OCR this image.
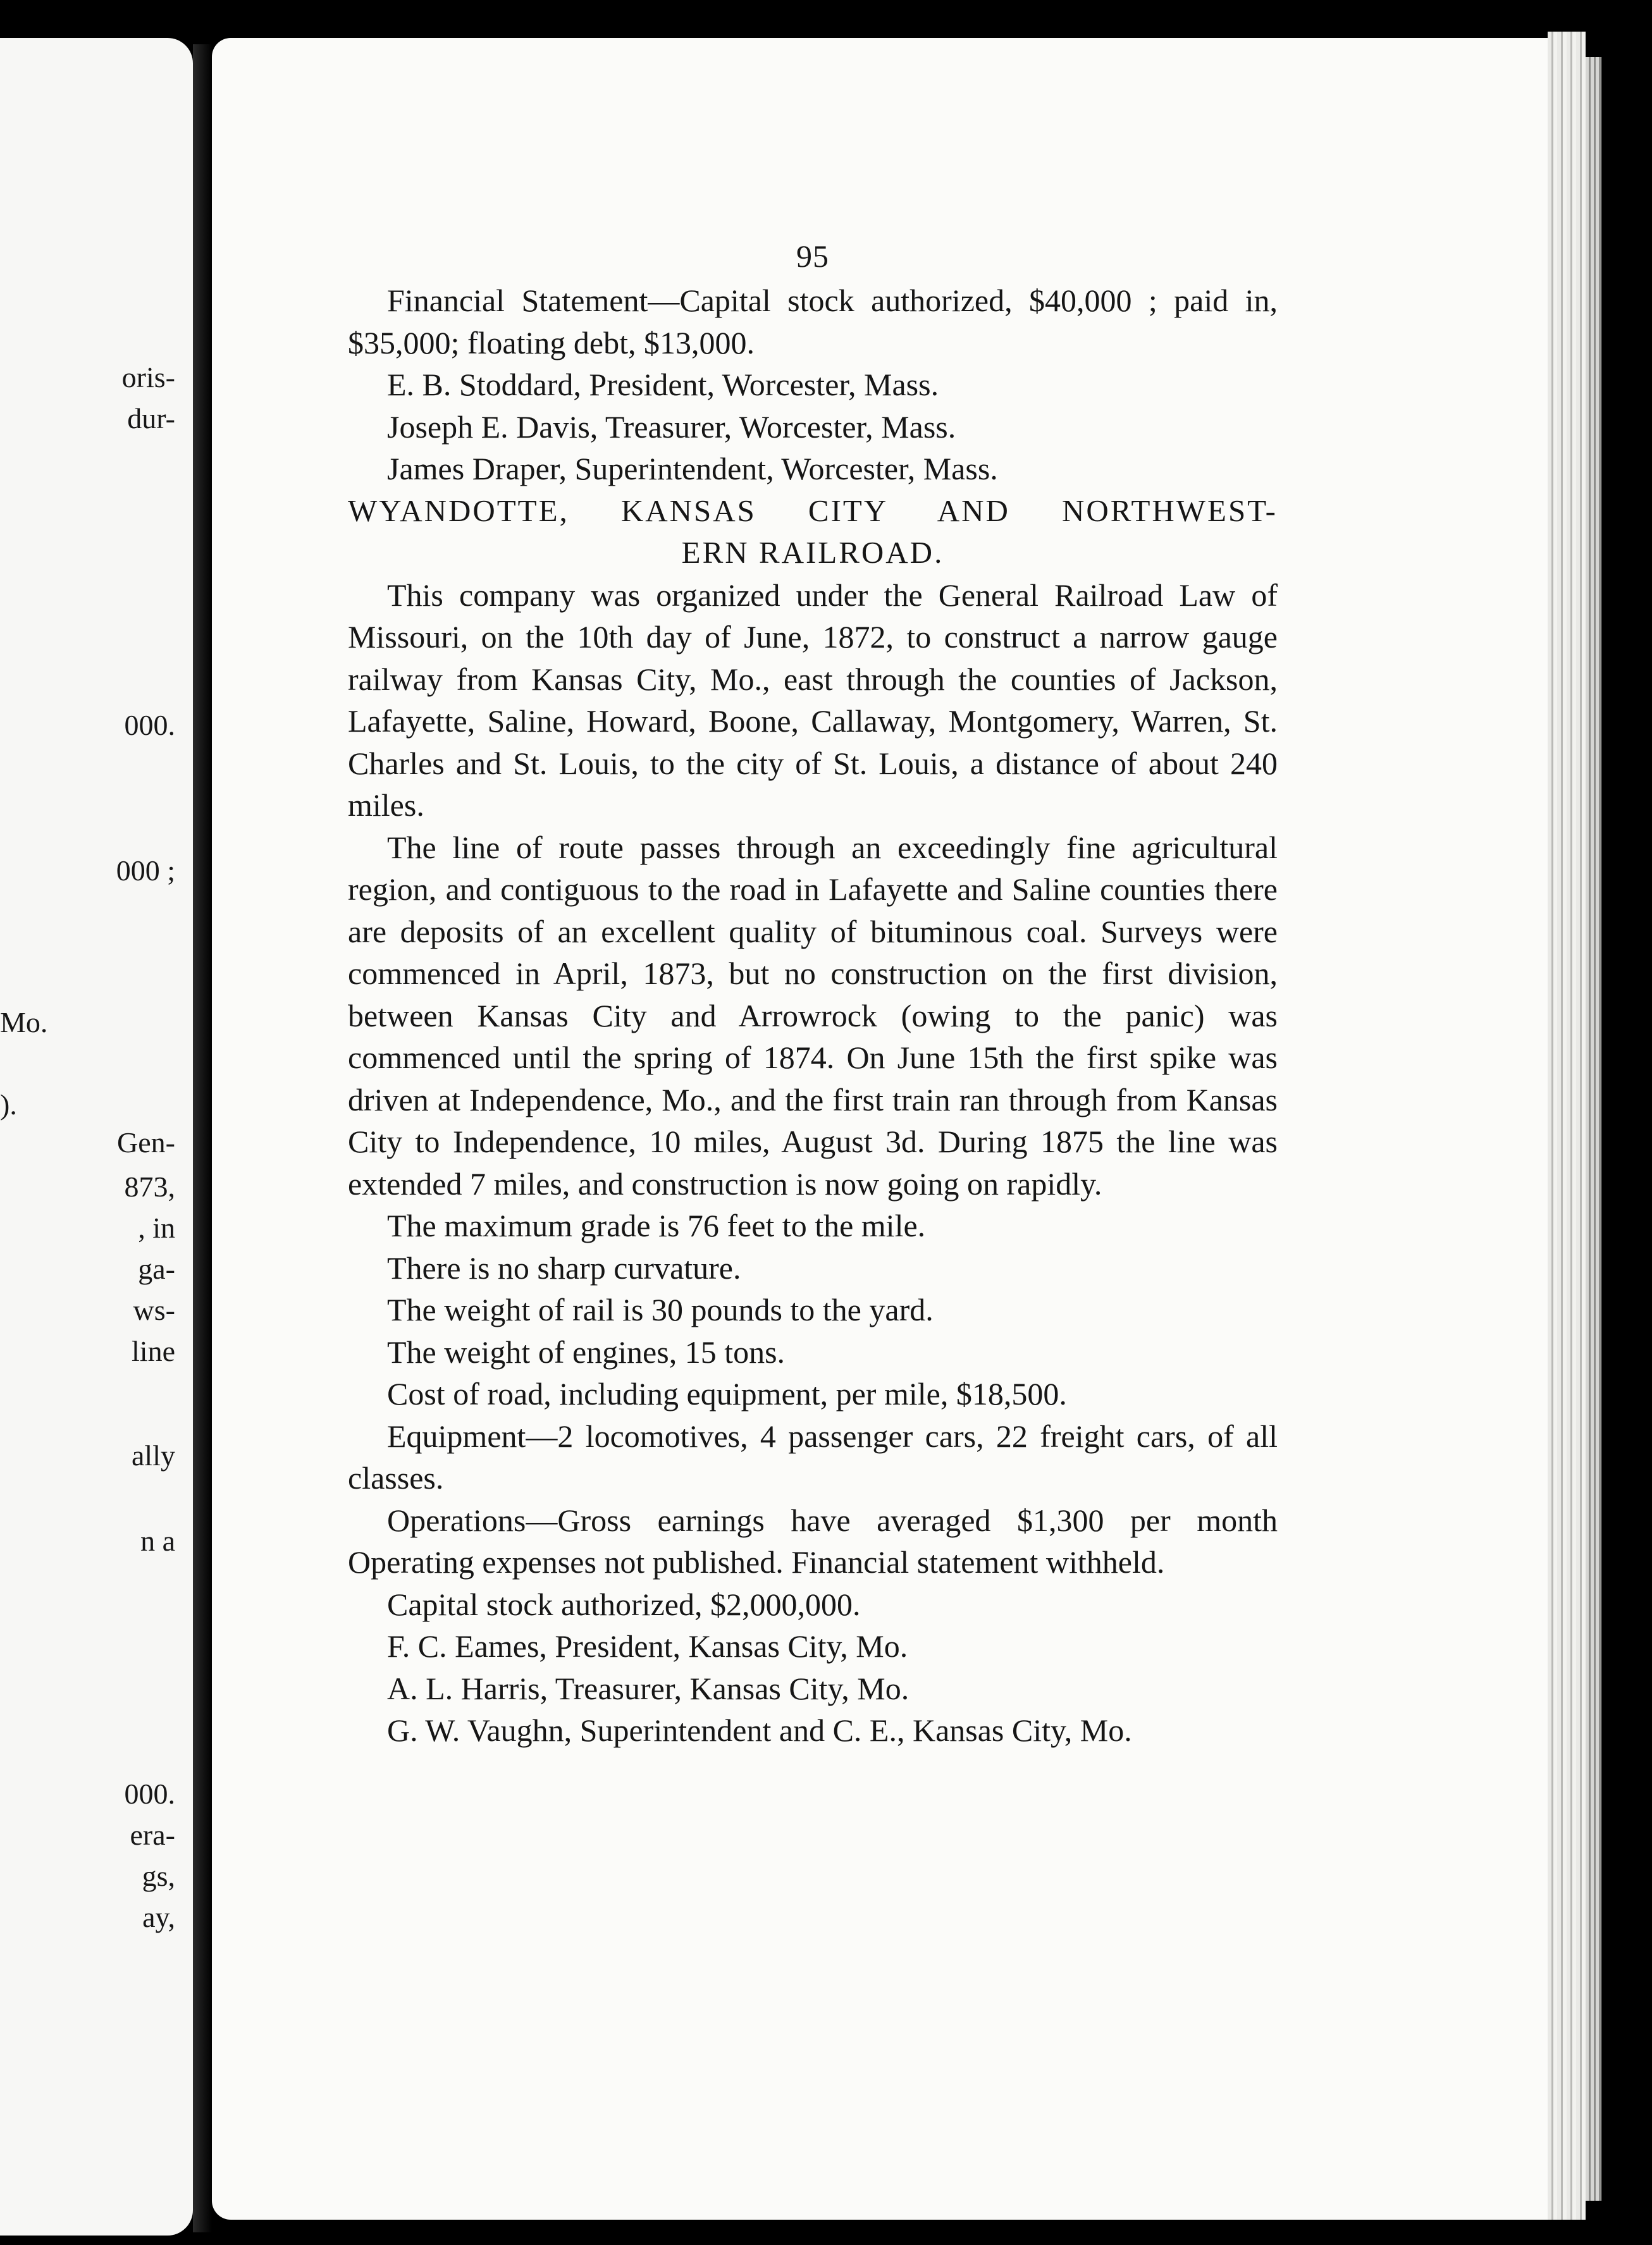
oris-
dur-
000.
000 ;
Mo.
).
Gen-
873,
, in
ga-
ws-
line
ally
n a
000.
era-
gs,
ay,
95

Financial Statement—Capital stock authorized, $40,000 ; paid in, $35,000; floating debt, $13,000.

E. B. Stoddard, President, Worcester, Mass.

Joseph E. Davis, Treasurer, Worcester, Mass.

James Draper, Superintendent, Worcester, Mass.

WYANDOTTE, KANSAS CITY AND NORTHWEST-
ERN RAILROAD.

This company was organized under the General Railroad Law of Missouri, on the 10th day of June, 1872, to construct a narrow gauge railway from Kansas City, Mo., east through the counties of Jackson, Lafayette, Saline, Howard, Boone, Callaway, Montgomery, Warren, St. Charles and St. Louis, to the city of St. Louis, a distance of about 240 miles.

The line of route passes through an exceedingly fine agricultural region, and contiguous to the road in Lafayette and Saline counties there are deposits of an excellent quality of bituminous coal. Surveys were commenced in April, 1873, but no construction on the first division, between Kansas City and Arrowrock (owing to the panic) was commenced until the spring of 1874. On June 15th the first spike was driven at Independence, Mo., and the first train ran through from Kansas City to Independence, 10 miles, August 3d. During 1875 the line was extended 7 miles, and construction is now going on rapidly.

The maximum grade is 76 feet to the mile.

There is no sharp curvature.

The weight of rail is 30 pounds to the yard.

The weight of engines, 15 tons.

Cost of road, including equipment, per mile, $18,500.

Equipment—2 locomotives, 4 passenger cars, 22 freight cars, of all classes.

Operations—Gross earnings have averaged $1,300 per month Operating expenses not published. Financial statement withheld.

Capital stock authorized, $2,000,000.

F. C. Eames, President, Kansas City, Mo.

A. L. Harris, Treasurer, Kansas City, Mo.

G. W. Vaughn, Superintendent and C. E., Kansas City, Mo.
